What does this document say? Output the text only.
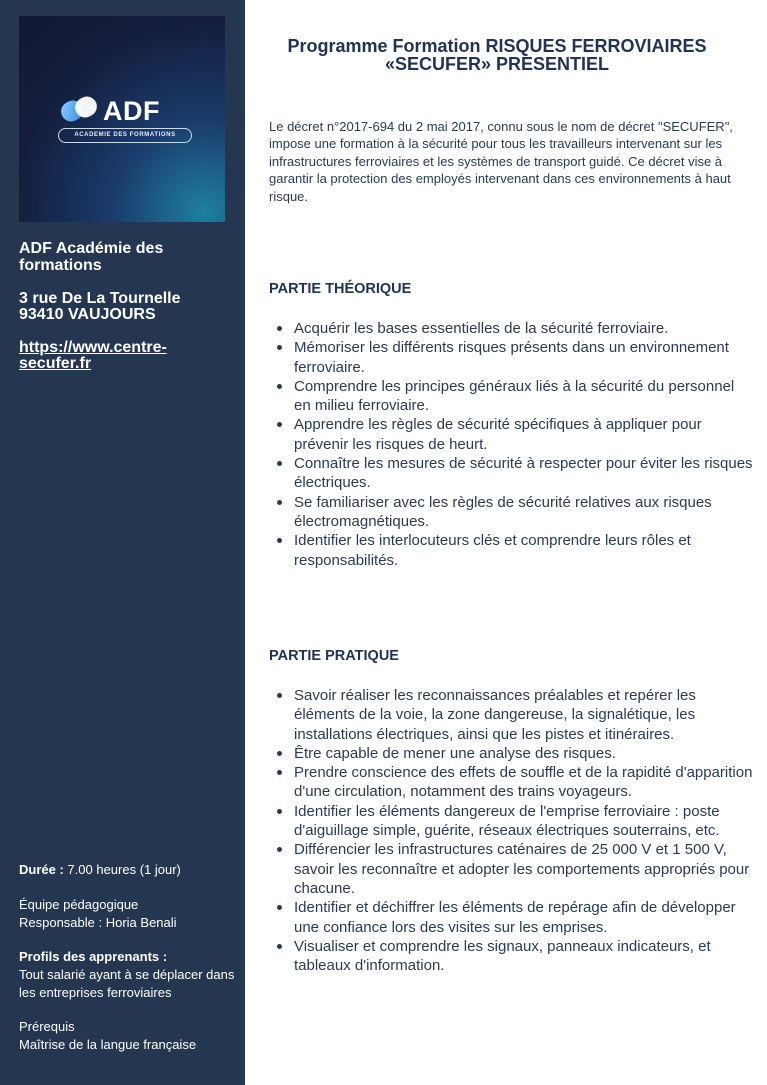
ADF
ACADEMIE DES FORMATIONS
ADF Académie des formations
3 rue De La Tournelle
93410 VAUJOURS
https://www.centre-secufer.fr
Durée : 7.00 heures (1 jour)
Équipe pédagogique
Responsable : Horia Benali
Profils des apprenants :
Tout salarié ayant à se déplacer dans les entreprises ferroviaires
Prérequis
Maîtrise de la langue française
Programme Formation RISQUES FERROVIAIRES «SECUFER» PRESENTIEL

Le décret n°2017-694 du 2 mai 2017, connu sous le nom de décret "SECUFER", impose une formation à la sécurité pour tous les travailleurs intervenant sur les infrastructures ferroviaires et les systèmes de transport guidé. Ce décret vise à garantir la protection des employés intervenant dans ces environnements à haut risque.

PARTIE THÉORIQUE
Acquérir les bases essentielles de la sécurité ferroviaire.
Mémoriser les différents risques présents dans un environnement ferroviaire.
Comprendre les principes généraux liés à la sécurité du personnel en milieu ferroviaire.
Apprendre les règles de sécurité spécifiques à appliquer pour prévenir les risques de heurt.
Connaître les mesures de sécurité à respecter pour éviter les risques électriques.
Se familiariser avec les règles de sécurité relatives aux risques électromagnétiques.
Identifier les interlocuteurs clés et comprendre leurs rôles et responsabilités.
PARTIE PRATIQUE
Savoir réaliser les reconnaissances préalables et repérer les éléments de la voie, la zone dangereuse, la signalétique, les installations électriques, ainsi que les pistes et itinéraires.
Être capable de mener une analyse des risques.
Prendre conscience des effets de souffle et de la rapidité d'apparition d'une circulation, notamment des trains voyageurs.
Identifier les éléments dangereux de l'emprise ferroviaire : poste d'aiguillage simple, guérite, réseaux électriques souterrains, etc.
Différencier les infrastructures caténaires de 25 000 V et 1 500 V, savoir les reconnaître et adopter les comportements appropriés pour chacune.
Identifier et déchiffrer les éléments de repérage afin de développer une confiance lors des visites sur les emprises.
Visualiser et comprendre les signaux, panneaux indicateurs, et tableaux d'information.
